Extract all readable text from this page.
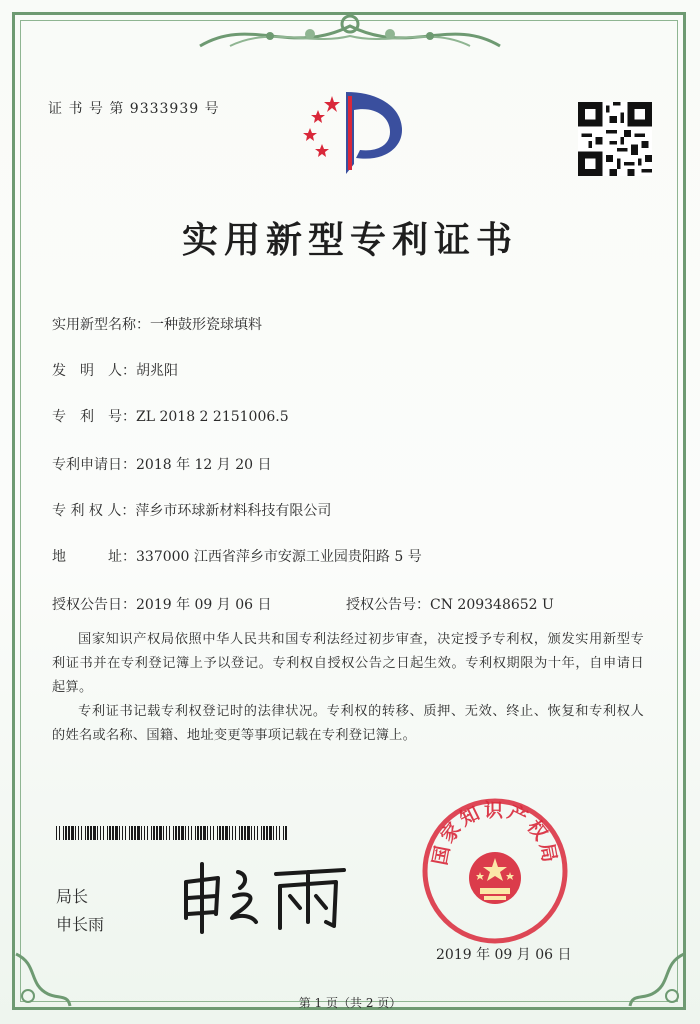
证 书 号 第 9333939 号
实用新型专利证书
实用新型名称：一种鼓形瓷球填料
发　明　人：胡兆阳
专　利　号：ZL 2018 2 2151006.5
专利申请日：2018 年 12 月 20 日
专 利 权 人：萍乡市环球新材料科技有限公司
地　　　址：337000 江西省萍乡市安源工业园贵阳路 5 号
授权公告日：2019 年 09 月 06 日	授权公告号：CN 209348652 U
国家知识产权局依照中华人民共和国专利法经过初步审查，决定授予专利权，颁发实用新型专利证书并在专利登记簿上予以登记。专利权自授权公告之日起生效。专利权期限为十年，自申请日起算。
专利证书记载专利权登记时的法律状况。专利权的转移、质押、无效、终止、恢复和专利权人的姓名或名称、国籍、地址变更等事项记载在专利登记簿上。
局长
申长雨
国家知识产权局
2019 年 09 月 06 日
第 1 页（共 2 页）
